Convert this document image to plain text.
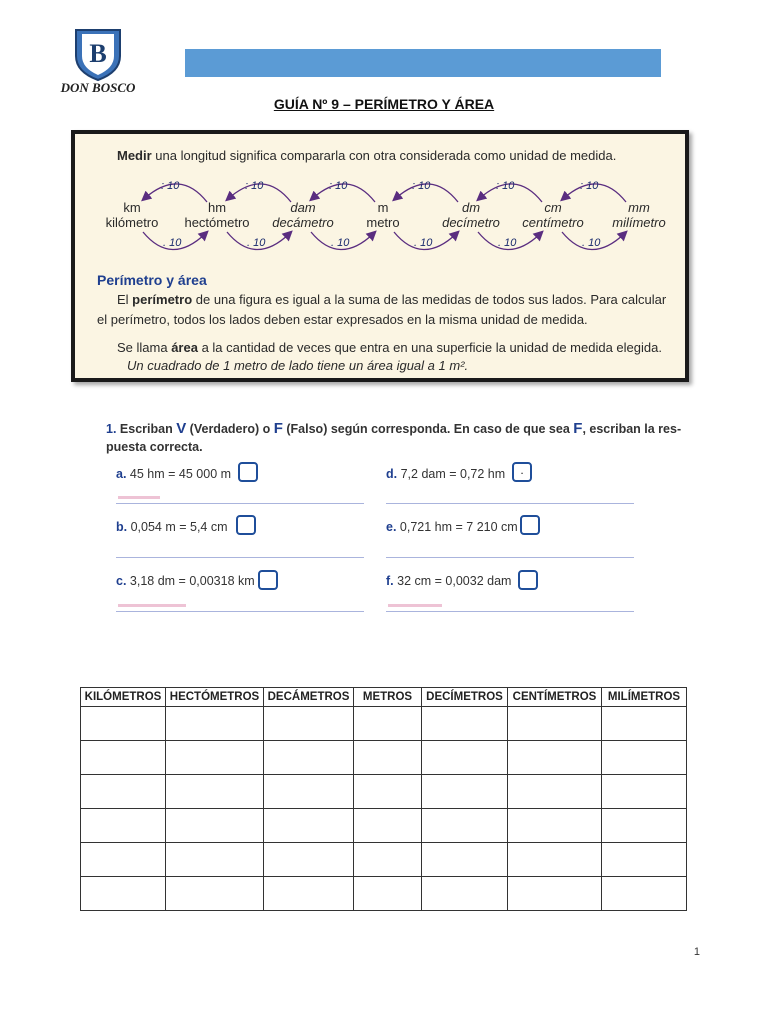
B
DON BOSCO
GUÍA Nº 9 – PERÍMETRO Y ÁREA
Medir una longitud significa compararla con otra considerada como unidad de medida.
: 10	: 10	: 10	: 10	: 10	: 10
. 10	. 10	. 10	. 10	. 10	. 10
km
kilómetro
hm
hectómetro
dam
decámetro
m
metro
dm
decímetro
cm
centímetro
mm
milímetro
Perímetro y área
El perímetro de una figura es igual a la suma de las medidas de todos sus lados. Para calcular
el perímetro, todos los lados deben estar expresados en la misma unidad de medida.
Se llama área a la cantidad de veces que entra en una superficie la unidad de medida elegida.
Un cuadrado de 1 metro de lado tiene un área igual a 1 m².
1. Escriban V (Verdadero) o F (Falso) según corresponda. En caso de que sea F, escriban la res-
puesta correcta.
a. 45 hm = 45 000 m	d. 7,2 dam = 0,72 hm	.
b. 0,054 m = 5,4 cm	e. 0,721 hm = 7 210 cm
c. 3,18 dm = 0,00318 km	f. 32 cm = 0,0032 dam
KILÓMETROS	HECTÓMETROS	DECÁMETROS	METROS	DECÍMETROS	CENTÍMETROS	MILÍMETROS

1
